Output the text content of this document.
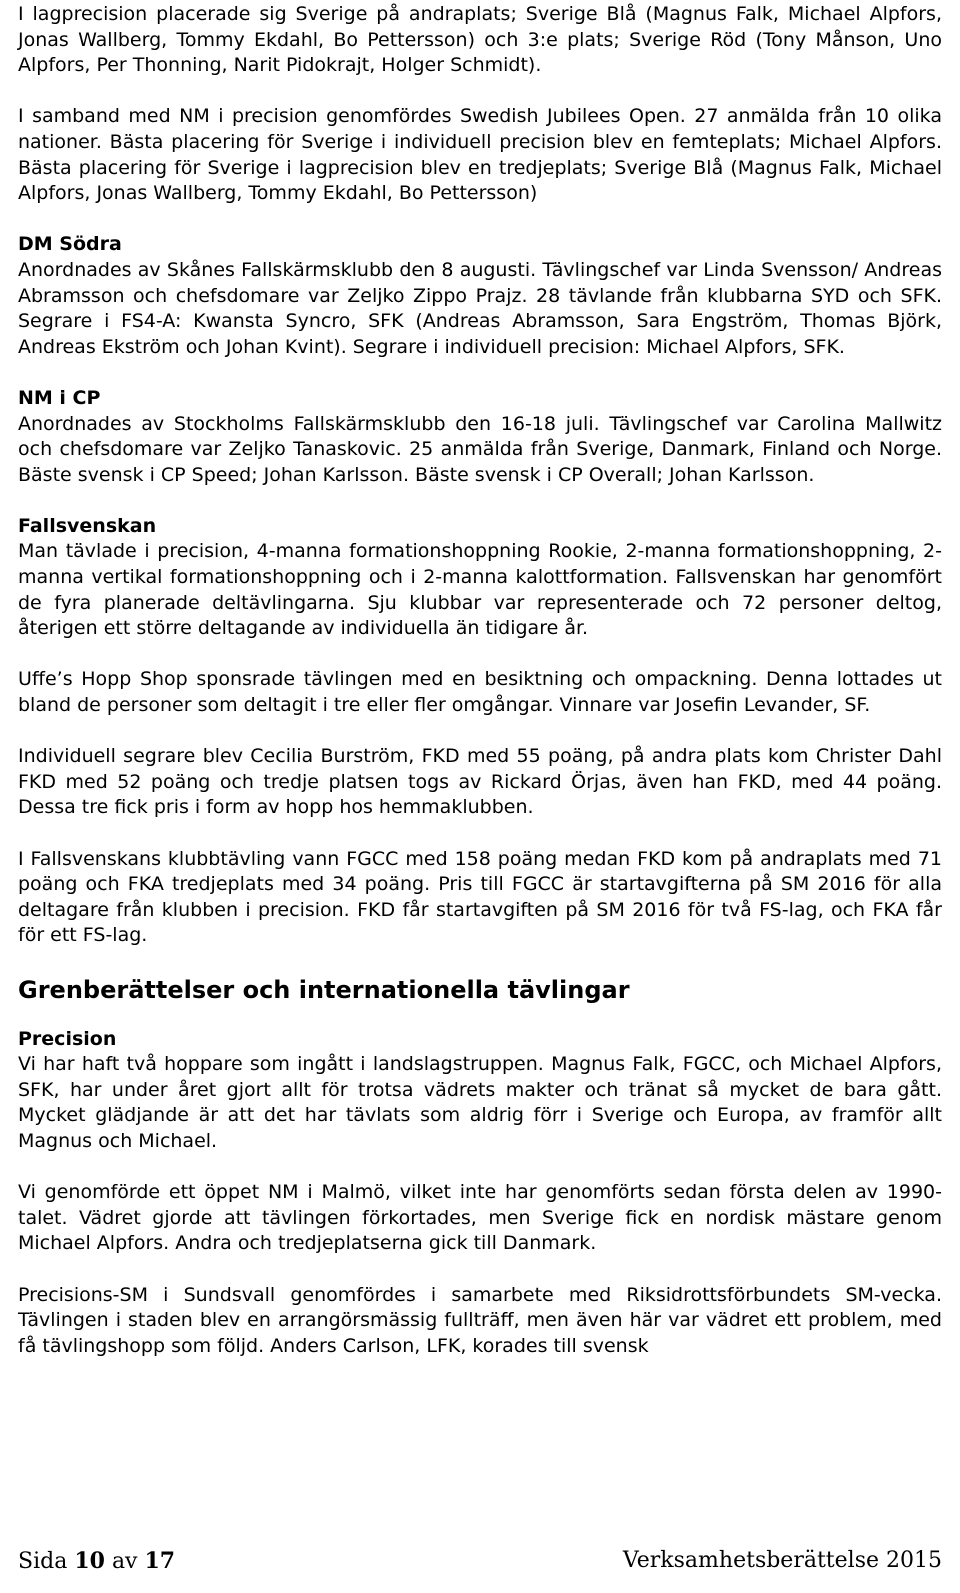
I lagprecision placerade sig Sverige på andraplats; Sverige Blå (Magnus Falk, Michael Alpfors, Jonas Wallberg, Tommy Ekdahl, Bo Pettersson) och 3:e plats; Sverige Röd (Tony Månson, Uno Alpfors, Per Thonning, Narit Pidokrajt, Holger Schmidt).

I samband med NM i precision genomfördes Swedish Jubilees Open. 27 anmälda från 10 olika nationer. Bästa placering för Sverige i individuell precision blev en femteplats; Michael Alpfors. Bästa placering för Sverige i lagprecision blev en tredjeplats; Sverige Blå (Magnus Falk, Michael Alpfors, Jonas Wallberg, Tommy Ekdahl, Bo Pettersson)

DM Södra

Anordnades av Skånes Fallskärmsklubb den 8 augusti. Tävlingschef var Linda Svensson/ Andreas Abramsson och chefsdomare var Zeljko Zippo Prajz. 28 tävlande från klubbarna SYD och SFK. Segrare i FS4-A: Kwansta Syncro, SFK (Andreas Abramsson, Sara Engström, Thomas Björk, Andreas Ekström och Johan Kvint). Segrare i individuell precision: Michael Alpfors, SFK.

NM i CP

Anordnades av Stockholms Fallskärmsklubb den 16-18 juli. Tävlingschef var Carolina Mallwitz och chefsdomare var Zeljko Tanaskovic. 25 anmälda från Sverige, Danmark, Finland och Norge. Bäste svensk i CP Speed; Johan Karlsson. Bäste svensk i CP Overall; Johan Karlsson.

Fallsvenskan

Man tävlade i precision, 4-manna formationshoppning Rookie, 2-manna formationshoppning, 2-manna vertikal formationshoppning och i 2-manna kalottformation. Fallsvenskan har genomfört de fyra planerade deltävlingarna. Sju klubbar var representerade och 72 personer deltog, återigen ett större deltagande av individuella än tidigare år.

Uffe’s Hopp Shop sponsrade tävlingen med en besiktning och ompackning. Denna lottades ut bland de personer som deltagit i tre eller fler omgångar. Vinnare var Josefin Levander, SF.

Individuell segrare blev Cecilia Burström, FKD med 55 poäng, på andra plats kom Christer Dahl FKD med 52 poäng och tredje platsen togs av Rickard Örjas, även han FKD, med 44 poäng. Dessa tre fick pris i form av hopp hos hemmaklubben.

I Fallsvenskans klubbtävling vann FGCC med 158 poäng medan FKD kom på andraplats med 71 poäng och FKA tredjeplats med 34 poäng. Pris till FGCC är startavgifterna på SM 2016 för alla deltagare från klubben i precision. FKD får startavgiften på SM 2016 för två FS-lag, och FKA får för ett FS-lag.

Grenberättelser och internationella tävlingar

Precision

Vi har haft två hoppare som ingått i landslagstruppen. Magnus Falk, FGCC, och Michael Alpfors, SFK, har under året gjort allt för trotsa vädrets makter och tränat så mycket de bara gått. Mycket glädjande är att det har tävlats som aldrig förr i Sverige och Europa, av framför allt Magnus och Michael.

Vi genomförde ett öppet NM i Malmö, vilket inte har genomförts sedan första delen av 1990-talet. Vädret gjorde att tävlingen förkortades, men Sverige fick en nordisk mästare genom Michael Alpfors. Andra och tredjeplatserna gick till Danmark.

Precisions-SM i Sundsvall genomfördes i samarbete med Riksidrottsförbundets SM-vecka. Tävlingen i staden blev en arrangörsmässig fullträff, men även här var vädret ett problem, med få tävlingshopp som följd. Anders Carlson, LFK, korades till svensk

Sida 10 av 17	Verksamhetsberättelse 2015
